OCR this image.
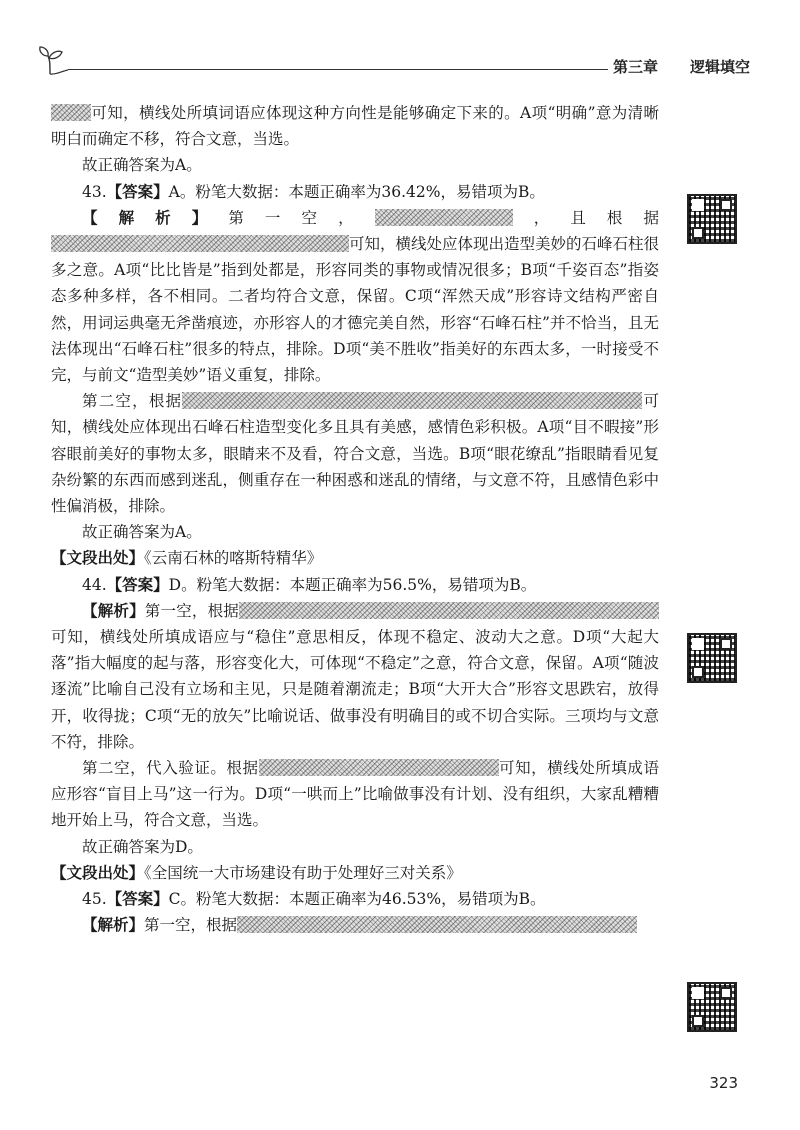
第三章 逻辑填空

可知，横线处所填词语应体现这种方向性是能够确定下来的。A项“明确”意为清晰明白而确定不移，符合文意，当选。

故正确答案为A。

43.【答案】A。粉笔大数据：本题正确率为36.42%，易错项为B。

【解析】第一空，	，且根据可知，横线处应体现出造型美妙的石峰石柱很多之意。A项“比比皆是”指到处都是，形容同类的事物或情况很多；B项“千姿百态”指姿态多种多样，各不相同。二者均符合文意，保留。C项“浑然天成”形容诗文结构严密自然，用词运典毫无斧凿痕迹，亦形容人的才德完美自然，形容“石峰石柱”并不恰当，且无法体现出“石峰石柱”很多的特点，排除。D项“美不胜收”指美好的东西太多，一时接受不完，与前文“造型美妙”语义重复，排除。

第二空，根据	可知，横线处应体现出石峰石柱造型变化多且具有美感，感情色彩积极。A项“目不暇接”形容眼前美好的事物太多，眼睛来不及看，符合文意，当选。B项“眼花缭乱”指眼睛看见复杂纷繁的东西而感到迷乱，侧重存在一种困惑和迷乱的情绪，与文意不符，且感情色彩中性偏消极，排除。

故正确答案为A。

【文段出处】《云南石林的喀斯特精华》

44.【答案】D。粉笔大数据：本题正确率为56.5%，易错项为B。

【解析】第一空，根据可知，横线处所填成语应与“稳住”意思相反，体现不稳定、波动大之意。D项“大起大落”指大幅度的起与落，形容变化大，可体现“不稳定”之意，符合文意，保留。A项“随波逐流”比喻自己没有立场和主见，只是随着潮流走；B项“大开大合”形容文思跌宕，放得开，收得拢；C项“无的放矢”比喻说话、做事没有明确目的或不切合实际。三项均与文意不符，排除。

第二空，代入验证。根据	可知，横线处所填成语应形容“盲目上马”这一行为。D项“一哄而上”比喻做事没有计划、没有组织，大家乱糟糟地开始上马，符合文意，当选。

故正确答案为D。

【文段出处】《全国统一大市场建设有助于处理好三对关系》

45.【答案】C。粉笔大数据：本题正确率为46.53%，易错项为B。

【解析】第一空，根据

323
